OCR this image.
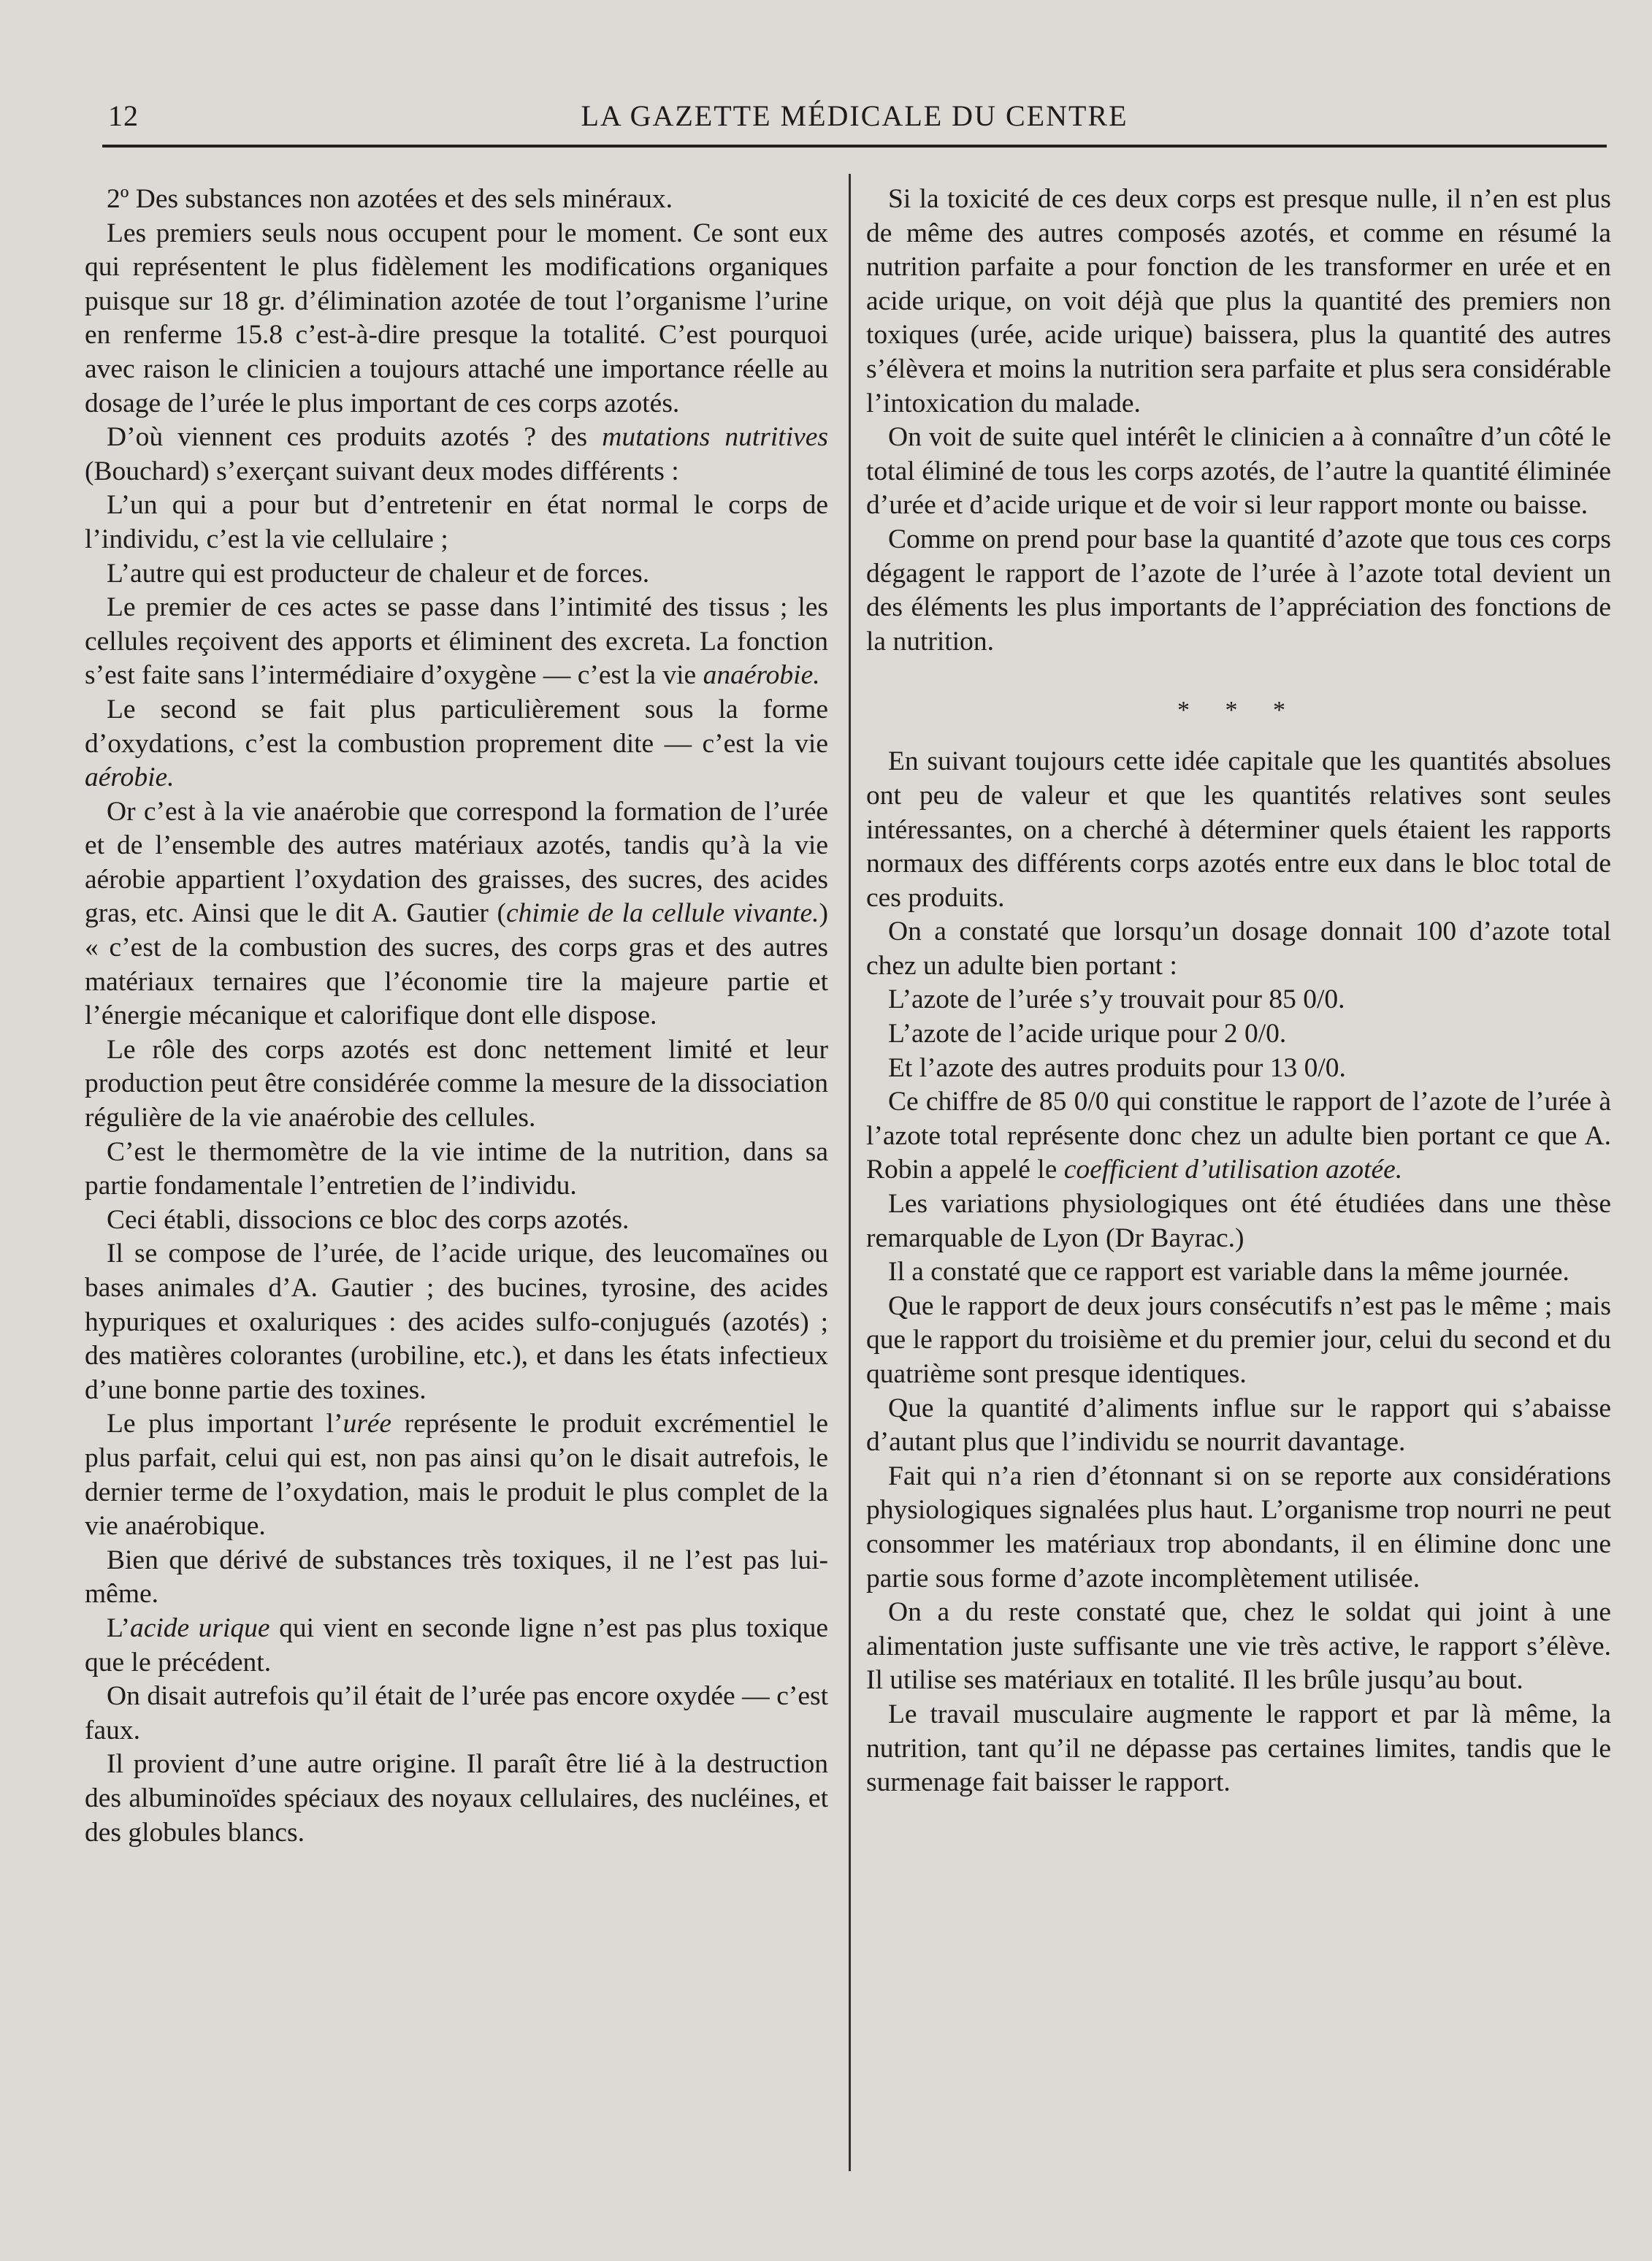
12	LA GAZETTE MÉDICALE DU CENTRE

2º Des substances non azotées et des sels minéraux.

Les premiers seuls nous occupent pour le moment. Ce sont eux qui représentent le plus fidèlement les modifications organiques puisque sur 18 gr. d’élimination azotée de tout l’organisme l’urine en renferme 15.8 c’est-à-dire presque la totalité. C’est pourquoi avec raison le clinicien a toujours attaché une importance réelle au dosage de l’urée le plus important de ces corps azotés.

D’où viennent ces produits azotés ? des mutations nutritives (Bouchard) s’exerçant suivant deux modes différents :

L’un qui a pour but d’entretenir en état normal le corps de l’individu, c’est la vie cellulaire ;

L’autre qui est producteur de chaleur et de forces.

Le premier de ces actes se passe dans l’intimité des tissus ; les cellules reçoivent des apports et éliminent des excreta. La fonction s’est faite sans l’intermédiaire d’oxygène — c’est la vie anaérobie.

Le second se fait plus particulièrement sous la forme d’oxydations, c’est la combustion proprement dite — c’est la vie aérobie.

Or c’est à la vie anaérobie que correspond la formation de l’urée et de l’ensemble des autres matériaux azotés, tandis qu’à la vie aérobie appartient l’oxydation des graisses, des sucres, des acides gras, etc. Ainsi que le dit A. Gautier (chimie de la cellule vivante.) « c’est de la combustion des sucres, des corps gras et des autres matériaux ternaires que l’économie tire la majeure partie et l’énergie mécanique et calorifique dont elle dispose.

Le rôle des corps azotés est donc nettement limité et leur production peut être considérée comme la mesure de la dissociation régulière de la vie anaérobie des cellules.

C’est le thermomètre de la vie intime de la nutrition, dans sa partie fondamentale l’entretien de l’individu.

Ceci établi, dissocions ce bloc des corps azotés.

Il se compose de l’urée, de l’acide urique, des leucomaïnes ou bases animales d’A. Gautier ; des bucines, tyrosine, des acides hypuriques et oxaluriques : des acides sulfo-conjugués (azotés) ; des matières colorantes (urobiline, etc.), et dans les états infectieux d’une bonne partie des toxines.

Le plus important l’urée représente le produit excrémentiel le plus parfait, celui qui est, non pas ainsi qu’on le disait autrefois, le dernier terme de l’oxydation, mais le produit le plus complet de la vie anaérobique.

Bien que dérivé de substances très toxiques, il ne l’est pas lui-même.

L’acide urique qui vient en seconde ligne n’est pas plus toxique que le précédent.

On disait autrefois qu’il était de l’urée pas encore oxydée — c’est faux.

Il provient d’une autre origine. Il paraît être lié à la destruction des albuminoïdes spéciaux des noyaux cellulaires, des nucléines, et des globules blancs.

Si la toxicité de ces deux corps est presque nulle, il n’en est plus de même des autres composés azotés, et comme en résumé la nutrition parfaite a pour fonction de les transformer en urée et en acide urique, on voit déjà que plus la quantité des premiers non toxiques (urée, acide urique) baissera, plus la quantité des autres s’élèvera et moins la nutrition sera parfaite et plus sera considérable l’intoxication du malade.

On voit de suite quel intérêt le clinicien a à connaître d’un côté le total éliminé de tous les corps azotés, de l’autre la quantité éliminée d’urée et d’acide urique et de voir si leur rapport monte ou baisse.

Comme on prend pour base la quantité d’azote que tous ces corps dégagent le rapport de l’azote de l’urée à l’azote total devient un des éléments les plus importants de l’appréciation des fonctions de la nutrition.

* * *

En suivant toujours cette idée capitale que les quantités absolues ont peu de valeur et que les quantités relatives sont seules intéressantes, on a cherché à déterminer quels étaient les rapports normaux des différents corps azotés entre eux dans le bloc total de ces produits.

On a constaté que lorsqu’un dosage donnait 100 d’azote total chez un adulte bien portant :

L’azote de l’urée s’y trouvait pour 85 0/0.

L’azote de l’acide urique pour 2 0/0.

Et l’azote des autres produits pour 13 0/0.

Ce chiffre de 85 0/0 qui constitue le rapport de l’azote de l’urée à l’azote total représente donc chez un adulte bien portant ce que A. Robin a appelé le coefficient d’utilisation azotée.

Les variations physiologiques ont été étudiées dans une thèse remarquable de Lyon (Dr Bayrac.)

Il a constaté que ce rapport est variable dans la même journée.

Que le rapport de deux jours consécutifs n’est pas le même ; mais que le rapport du troisième et du premier jour, celui du second et du quatrième sont presque identiques.

Que la quantité d’aliments influe sur le rapport qui s’abaisse d’autant plus que l’individu se nourrit davantage.

Fait qui n’a rien d’étonnant si on se reporte aux considérations physiologiques signalées plus haut. L’organisme trop nourri ne peut consommer les matériaux trop abondants, il en élimine donc une partie sous forme d’azote incomplètement utilisée.

On a du reste constaté que, chez le soldat qui joint à une alimentation juste suffisante une vie très active, le rapport s’élève. Il utilise ses matériaux en totalité. Il les brûle jusqu’au bout.

Le travail musculaire augmente le rapport et par là même, la nutrition, tant qu’il ne dépasse pas certaines limites, tandis que le surmenage fait baisser le rapport.
